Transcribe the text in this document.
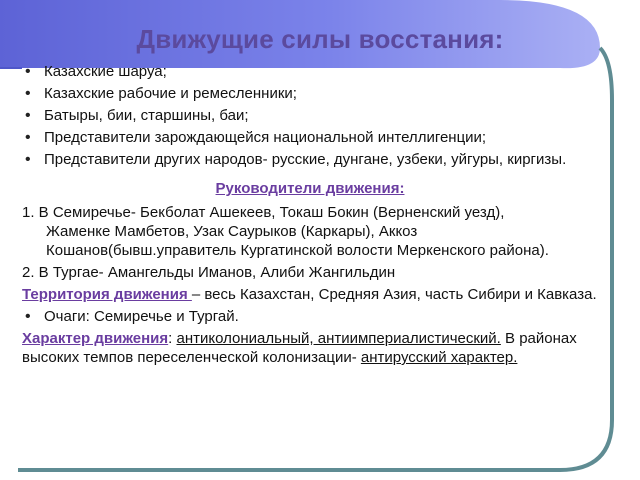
Движущие силы восстания:
• Казахские шаруа;
• Казахские рабочие и ремесленники;
• Батыры, бии, старшины, баи;
• Представители зарождающейся национальной интеллигенции;
• Представители других народов- русские, дунгане, узбеки, уйгуры, киргизы.
Руководители движения:
1. В Семиречье- Бекболат Ашекеев, Токаш Бокин (Верненский уезд),
Жаменке Мамбетов, Узак Саурыков (Каркары), Аккоз Кошанов(бывш.управитель Кургатинской волости Меркенского района).
2. В Тургае- Амангельды Иманов, Алиби Жангильдин
Территория движения – весь Казахстан, Средняя Азия, часть Сибири и Кавказа.
• Очаги: Семиречье и Тургай.
Характер движения: антиколониальный, антиимпериалистический. В районах высоких темпов переселенческой колонизации- антирусский характер.
